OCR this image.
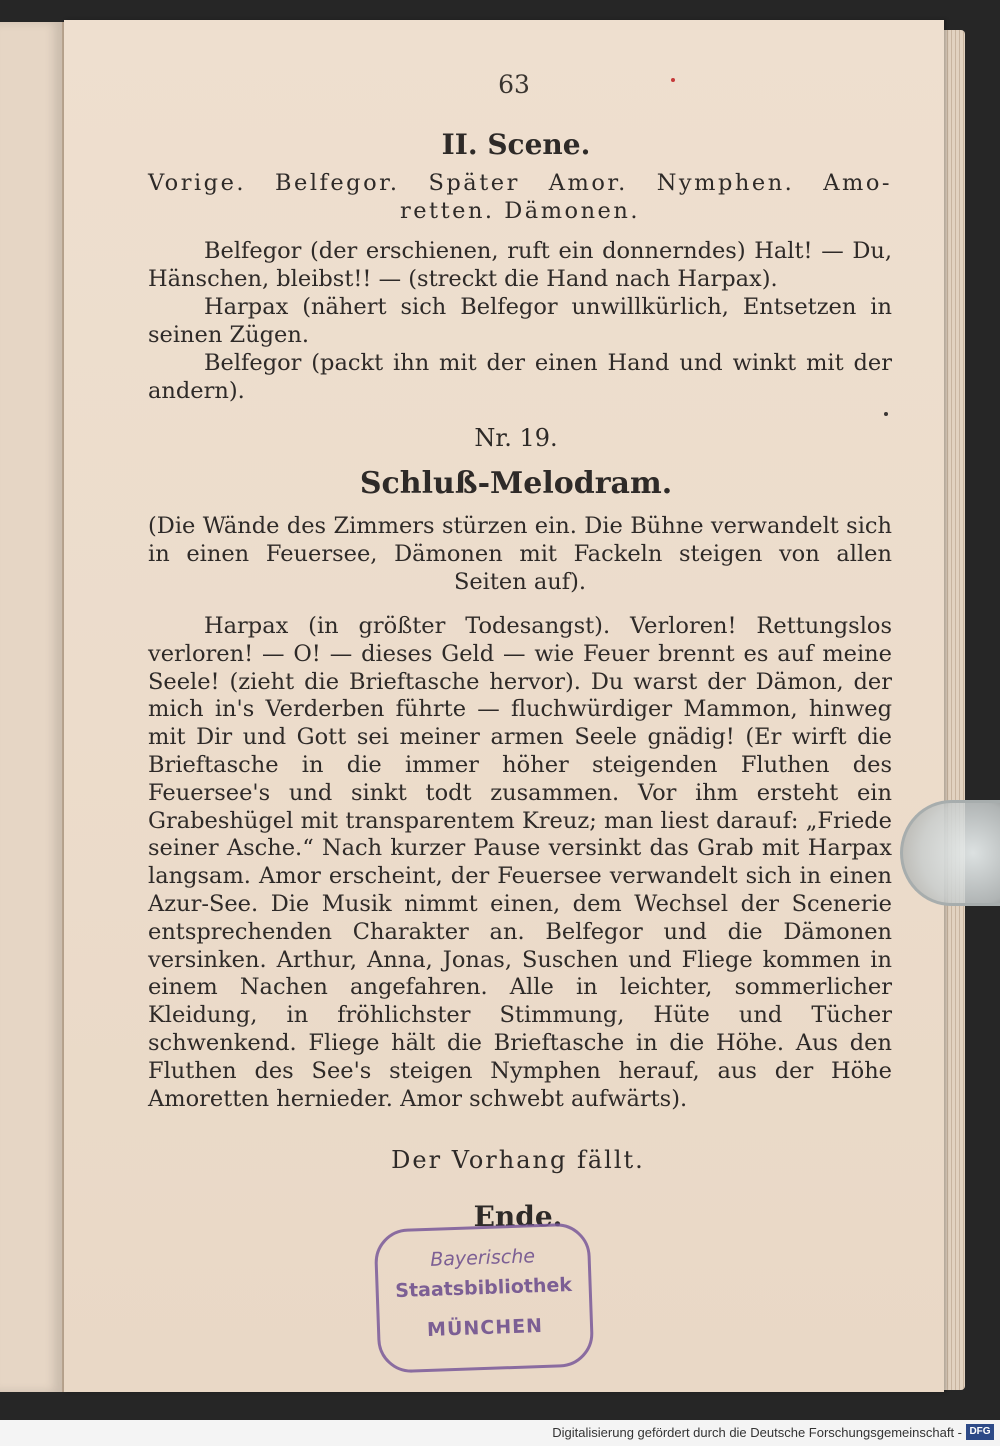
63
II. Scene.
Vorige. Belfegor. Später Amor. Nymphen. Amo-
retten. Dämonen.
Belfegor (der erschienen, ruft ein donnerndes) Halt! — Du, Hänschen, bleibst!! — (streckt die Hand nach Harpax).
Harpax (nähert sich Belfegor unwillkürlich, Entsetzen in seinen Zügen.
Belfegor (packt ihn mit der einen Hand und winkt mit der andern).
Nr. 19.
Schluß-Melodram.
(Die Wände des Zimmers stürzen ein. Die Bühne verwandelt sich in einen Feuersee, Dämonen mit Fackeln steigen von allen Seiten auf).
Harpax (in größter Todesangst). Verloren! Rettungslos verloren! — O! — dieses Geld — wie Feuer brennt es auf meine Seele! (zieht die Brieftasche hervor). Du warst der Dämon, der mich in's Verderben führte — fluchwürdiger Mammon, hinweg mit Dir und Gott sei meiner armen Seele gnädig! (Er wirft die Brieftasche in die immer höher steigenden Fluthen des Feuersee's und sinkt todt zusammen. Vor ihm ersteht ein Grabeshügel mit transparentem Kreuz; man liest darauf: „Friede seiner Asche.“ Nach kurzer Pause versinkt das Grab mit Harpax langsam. Amor erscheint, der Feuersee verwandelt sich in einen Azur-See. Die Musik nimmt einen, dem Wechsel der Scenerie entsprechenden Charakter an. Belfegor und die Dämonen versinken. Arthur, Anna, Jonas, Suschen und Fliege kommen in einem Nachen angefahren. Alle in leichter, sommerlicher Kleidung, in fröhlichster Stimmung, Hüte und Tücher schwenkend. Fliege hält die Brieftasche in die Höhe. Aus den Fluthen des See's steigen Nymphen herauf, aus der Höhe Amoretten hernieder. Amor schwebt aufwärts).
Der Vorhang fällt.
Ende.
Bayerische
Staatsbibliothek
MÜNCHEN
Digitalisierung gefördert durch die Deutsche Forschungsgemeinschaft - DFG
